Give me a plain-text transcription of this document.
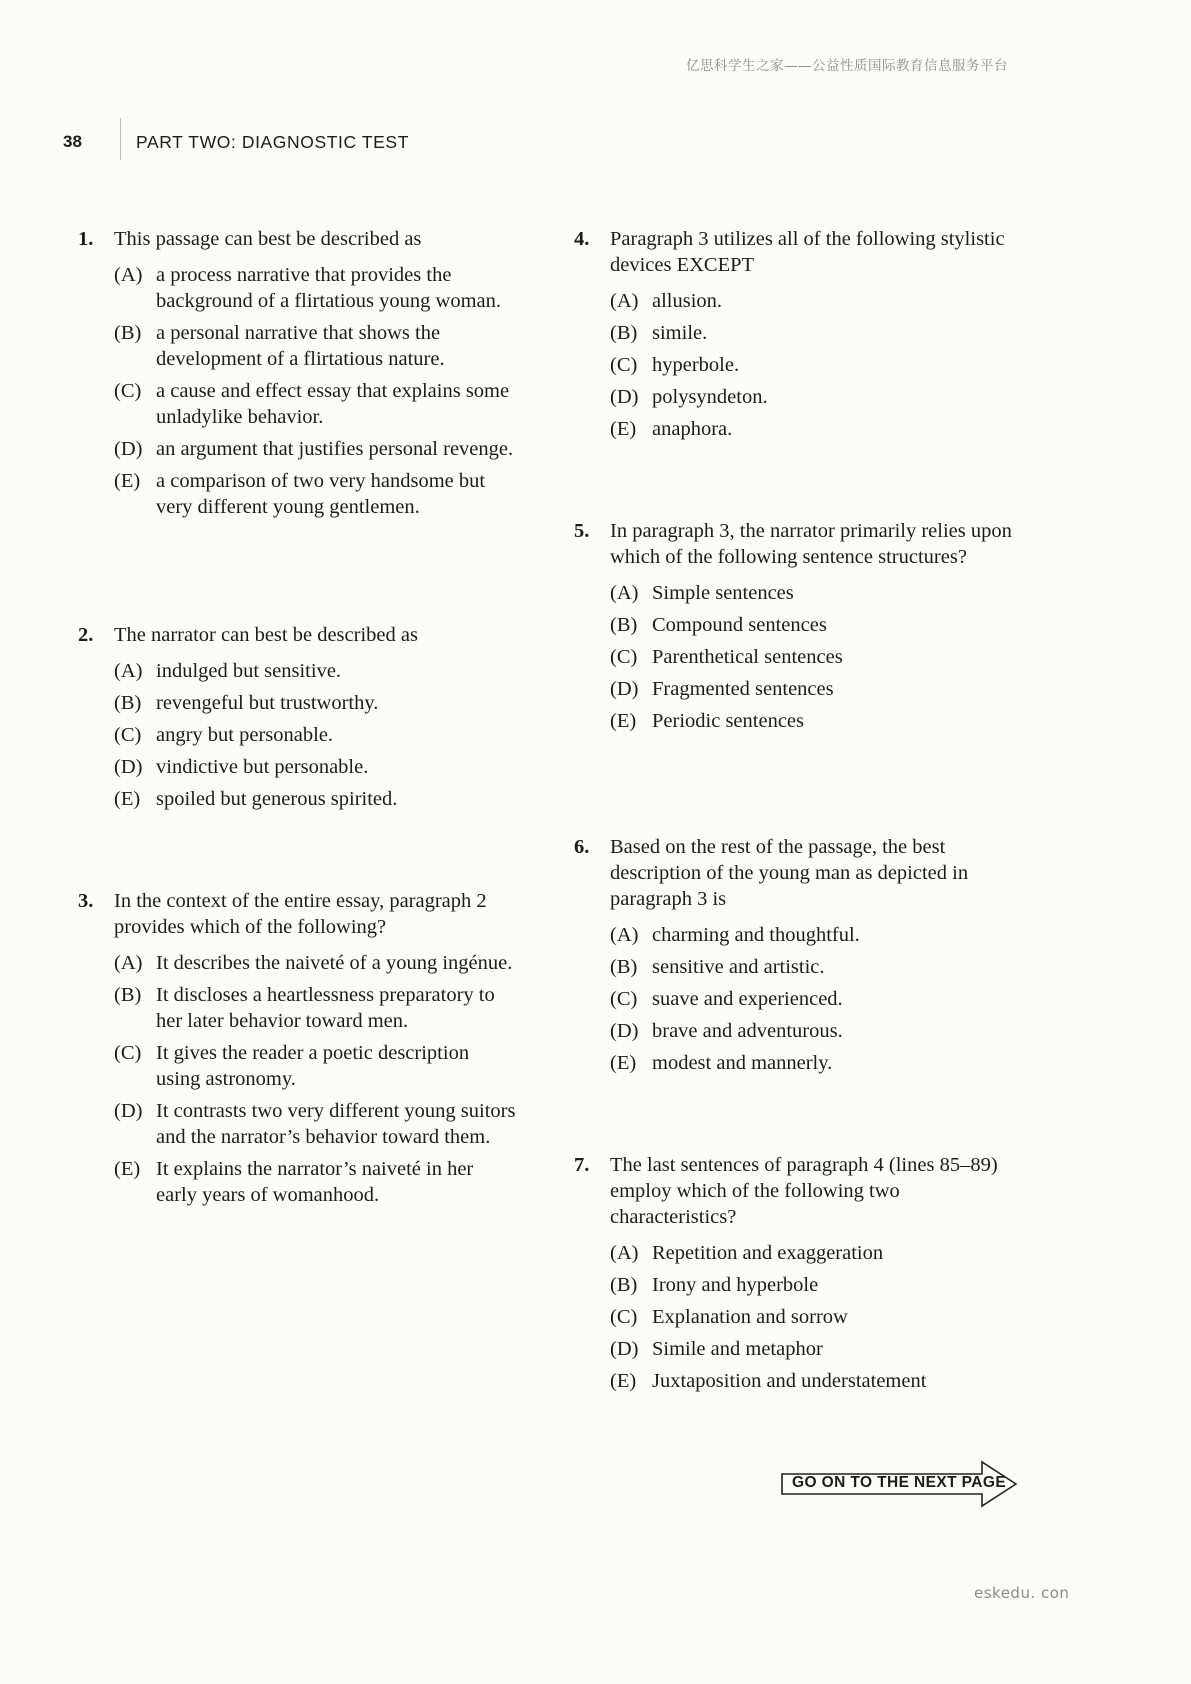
亿思科学生之家——公益性质国际教育信息服务平台
38	PART TWO: DIAGNOSTIC TEST
1.	This passage can best be described as
(A) a process narrative that provides the background of a flirtatious young woman.
(B) a personal narrative that shows the development of a flirtatious nature.
(C) a cause and effect essay that explains some unladylike behavior.
(D) an argument that justifies personal revenge.
(E) a comparison of two very handsome but very different young gentlemen.
2.	The narrator can best be described as
(A) indulged but sensitive.
(B) revengeful but trustworthy.
(C) angry but personable.
(D) vindictive but personable.
(E) spoiled but generous spirited.
3.	In the context of the entire essay, paragraph 2 provides which of the following?
(A) It describes the naiveté of a young ingénue.
(B) It discloses a heartlessness preparatory to her later behavior toward men.
(C) It gives the reader a poetic description using astronomy.
(D) It contrasts two very different young suitors and the narrator’s behavior toward them.
(E) It explains the narrator’s naiveté in her early years of womanhood.
4.	Paragraph 3 utilizes all of the following stylistic devices EXCEPT
(A) allusion.
(B) simile.
(C) hyperbole.
(D) polysyndeton.
(E) anaphora.
5.	In paragraph 3, the narrator primarily relies upon which of the following sentence structures?
(A) Simple sentences
(B) Compound sentences
(C) Parenthetical sentences
(D) Fragmented sentences
(E) Periodic sentences
6.	Based on the rest of the passage, the best description of the young man as depicted in paragraph 3 is
(A) charming and thoughtful.
(B) sensitive and artistic.
(C) suave and experienced.
(D) brave and adventurous.
(E) modest and mannerly.
7.	The last sentences of paragraph 4 (lines 85–89) employ which of the following two characteristics?
(A) Repetition and exaggeration
(B) Irony and hyperbole
(C) Explanation and sorrow
(D) Simile and metaphor
(E) Juxtaposition and understatement
GO ON TO THE NEXT PAGE
eskedu. con
